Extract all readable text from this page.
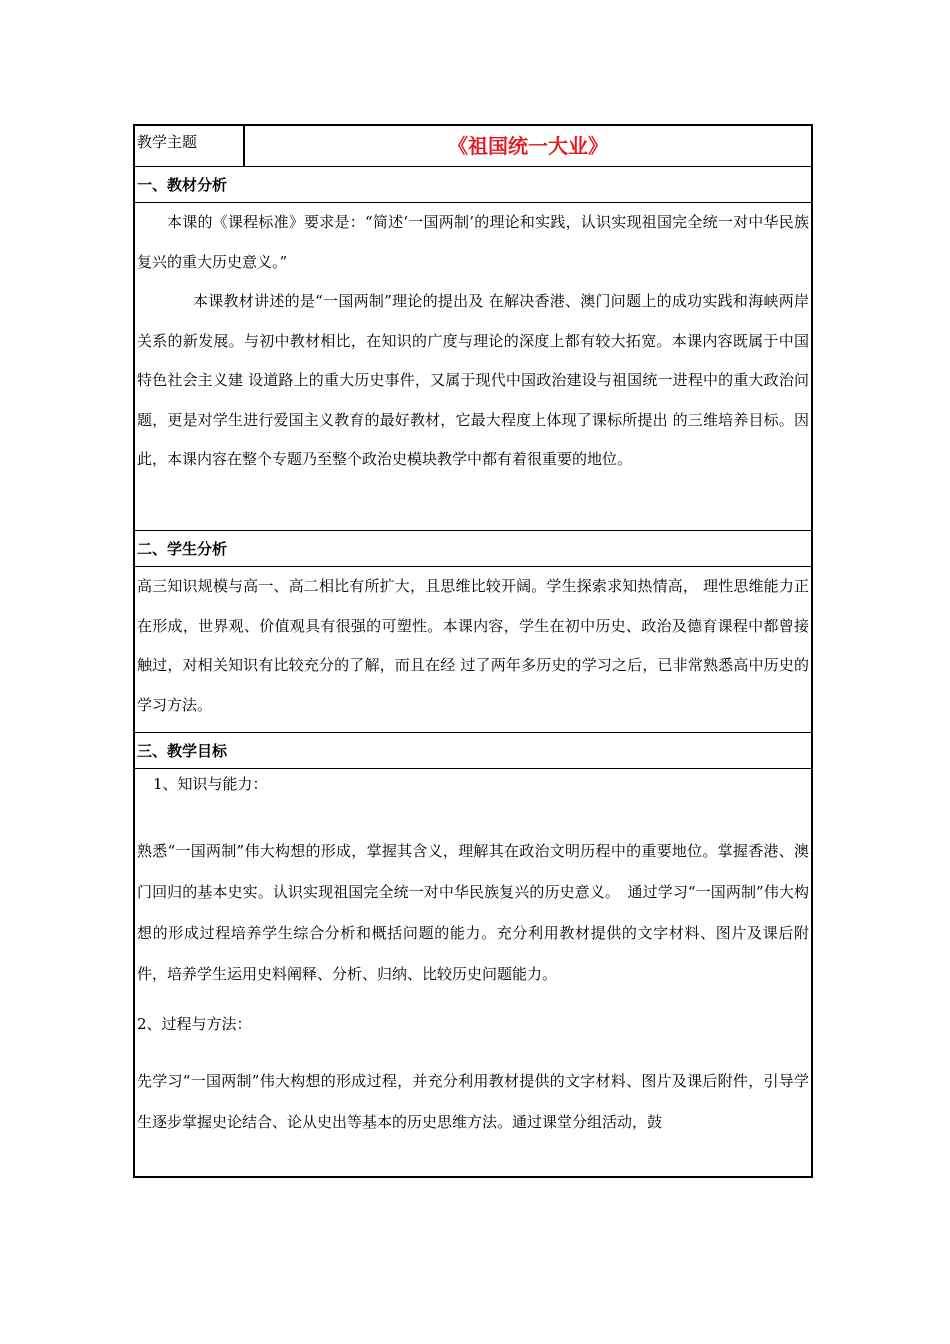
教学主题	《祖国统一大业》
一、教材分析
本课的《课程标准》要求是：“简述‘一国两制’的理论和实践，认识实现祖国完全统一对中华民族复兴的重大历史意义。”
本课教材讲述的是“一国两制”理论的提出及 在解决香港、澳门问题上的成功实践和海峡两岸关系的新发展。与初中教材相比，在知识的广度与理论的深度上都有较大拓宽。本课内容既属于中国特色社会主义建 设道路上的重大历史事件，又属于现代中国政治建设与祖国统一进程中的重大政治问题，更是对学生进行爱国主义教育的最好教材，它最大程度上体现了课标所提出 的三维培养目标。因此，本课内容在整个专题乃至整个政治史模块教学中都有着很重要的地位。
二、学生分析
高三知识规模与高一、高二相比有所扩大，且思维比较开阔。学生探索求知热情高， 理性思维能力正在形成，世界观、价值观具有很强的可塑性。本课内容，学生在初中历史、政治及德育课程中都曾接触过，对相关知识有比较充分的了解，而且在经 过了两年多历史的学习之后，已非常熟悉高中历史的学习方法。
三、教学目标
1、知识与能力：
熟悉“一国两制”伟大构想的形成，掌握其含义，理解其在政治文明历程中的重要地位。掌握香港、澳门回归的基本史实。认识实现祖国完全统一对中华民族复兴的历史意义。　通过学习“一国两制”伟大构想的形成过程培养学生综合分析和概括问题的能力。充分利用教材提供的文字材料、图片及课后附件，培养学生运用史料阐释、分析、归纳、比较历史问题能力。
2、过程与方法：
先学习“一国两制”伟大构想的形成过程，并充分利用教材提供的文字材料、图片及课后附件，引导学生逐步掌握史论结合、论从史出等基本的历史思维方法。通过课堂分组活动，鼓
